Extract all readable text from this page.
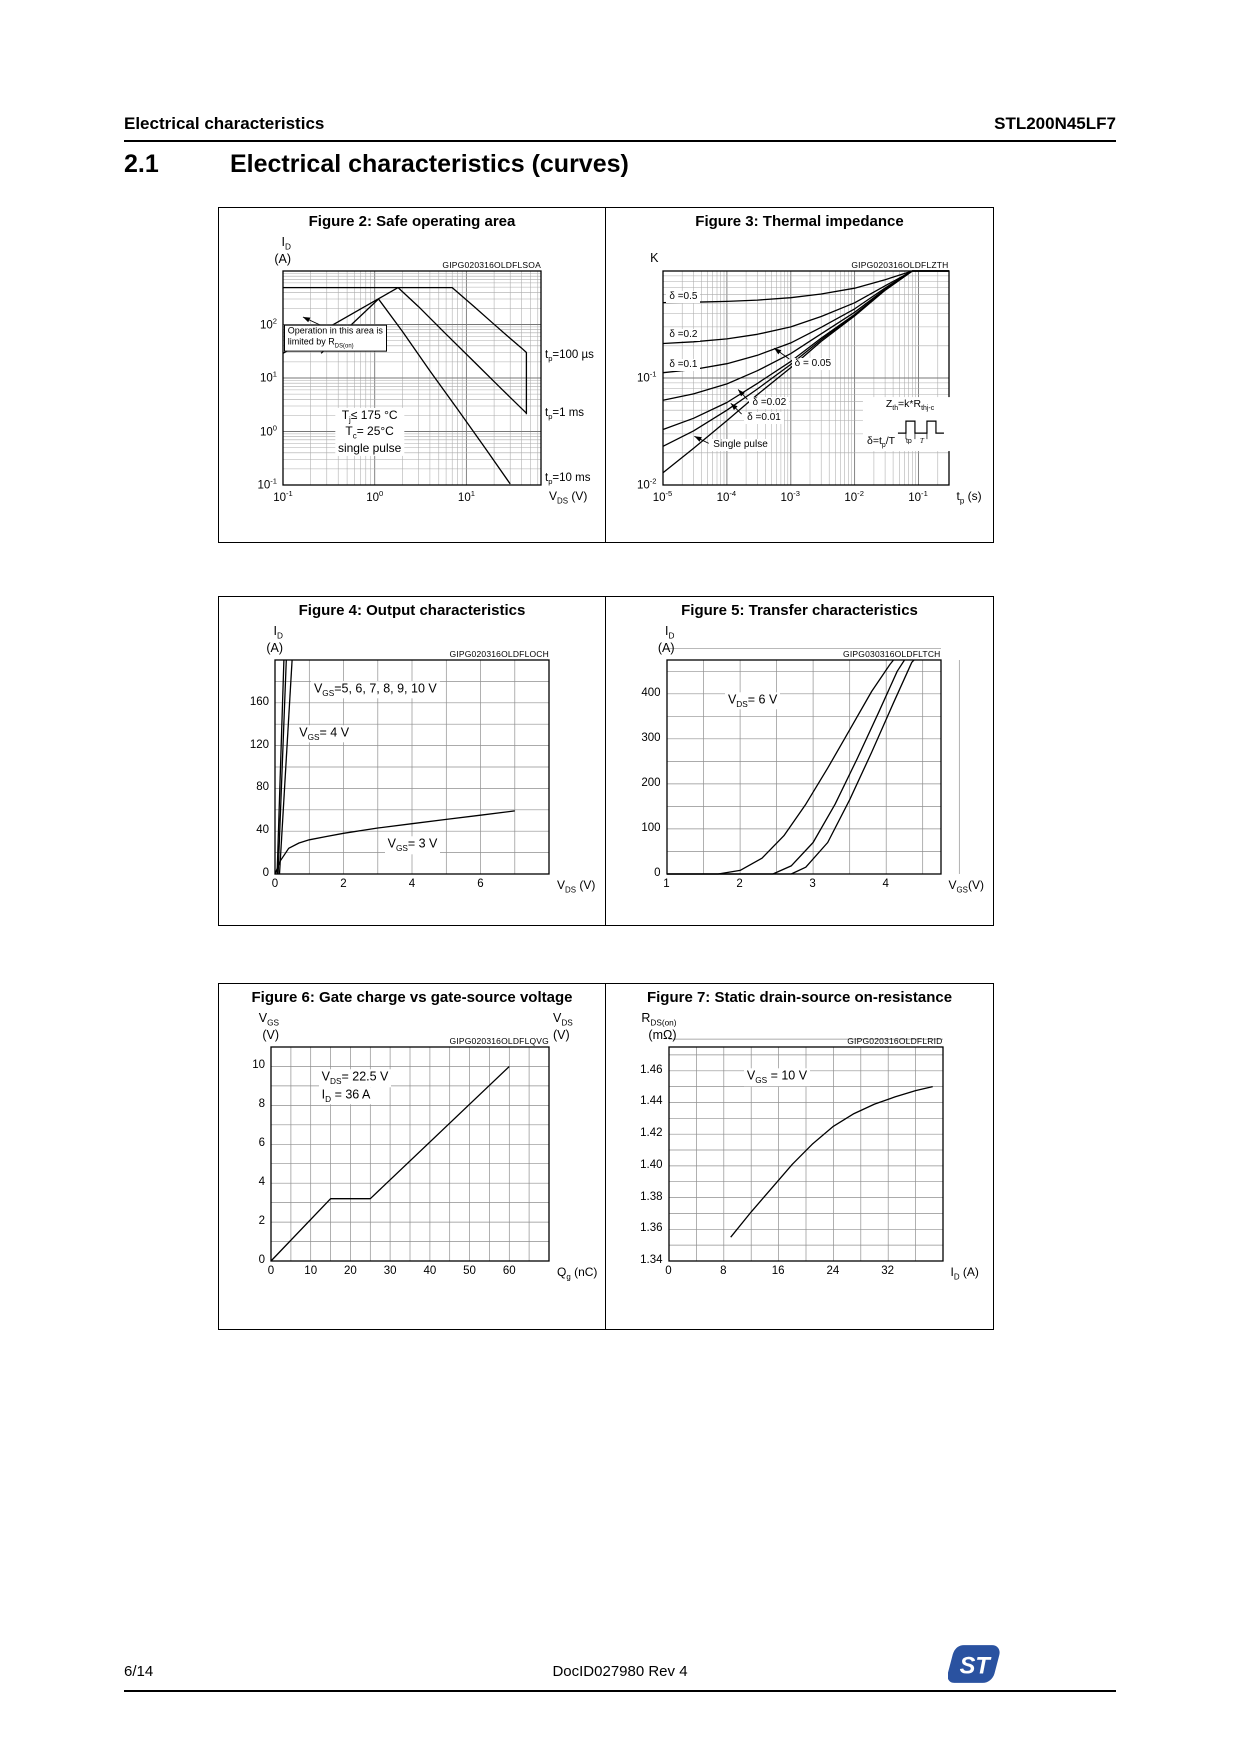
Electrical characteristics	STL200N45LF7
2.1	Electrical characteristics (curves)
Figure 2: Safe operating area
$10^{-1}$	$10^0$	$10^1$
$10^{-1}$
$10^0$
$10^1$
$10^2$
$V_{DS}$ (V)
$I_D$
(A)	GIPG020316OLDFLSOA
$t_p=100$ µs
$t_p=1$ ms
$t_p=10$ ms
Operation in this area is
limited by $R_{DS(on)}$
$T_j\le 175$ °C
$T_c= 25^\circ C$
single pulse
Figure 3: Thermal impedance
$10^{-5}$	$10^{-4}$	$10^{-3}$	$10^{-2}$	$10^{-1}$
$10^{-1}$
$10^{-2}$
$t_p$ (s)
K	GIPG020316OLDFLZTH
δ =0.5
δ =0.2
δ =0.1	δ = 0.05
δ =0.02
δ =0.01
Single pulse
$Z_{th}=k*R_{thj-c}$
$\delta=t_p/T$ tp T
Figure 4: Output characteristics
0	2	4	6
0
40
80
120
160
$V_{DS}$ (V)
$I_D$
(A)	GIPG020316OLDFLOCH
$V_{GS}=5$, 6, 7, 8, 9, 10 V
$V_{GS}= 4$ V
$V_{GS}= 3$ V
Figure 5: Transfer characteristics
1	2	3	4
0
100
200
300
400
$V_{GS}(V)$
$I_D$
(A)	GIPG030316OLDFLTCH
$V_{DS}= 6$ V
Figure 6: Gate charge vs gate-source voltage
0	10 20 30 40 50 60
0
2
4
6
8
10
$Q_g$ (nC)
$V_{GS}$
(V)
$V_{DS}$
(V)
GIPG020316OLDFLQVG
$V_{DS}= 22.5$ V
$I_D = 36$ A
Figure 7: Static drain-source on-resistance
0	8	16	24	32
1.34
1.36
1.38
1.40
1.42
1.44
1.46
$I_D$ (A)
$R_{DS(on)}$
(mΩ)	GIPG020316OLDFLRID
$V_{GS} = 10$ V
6/14	DocID027980 Rev 4	ST
